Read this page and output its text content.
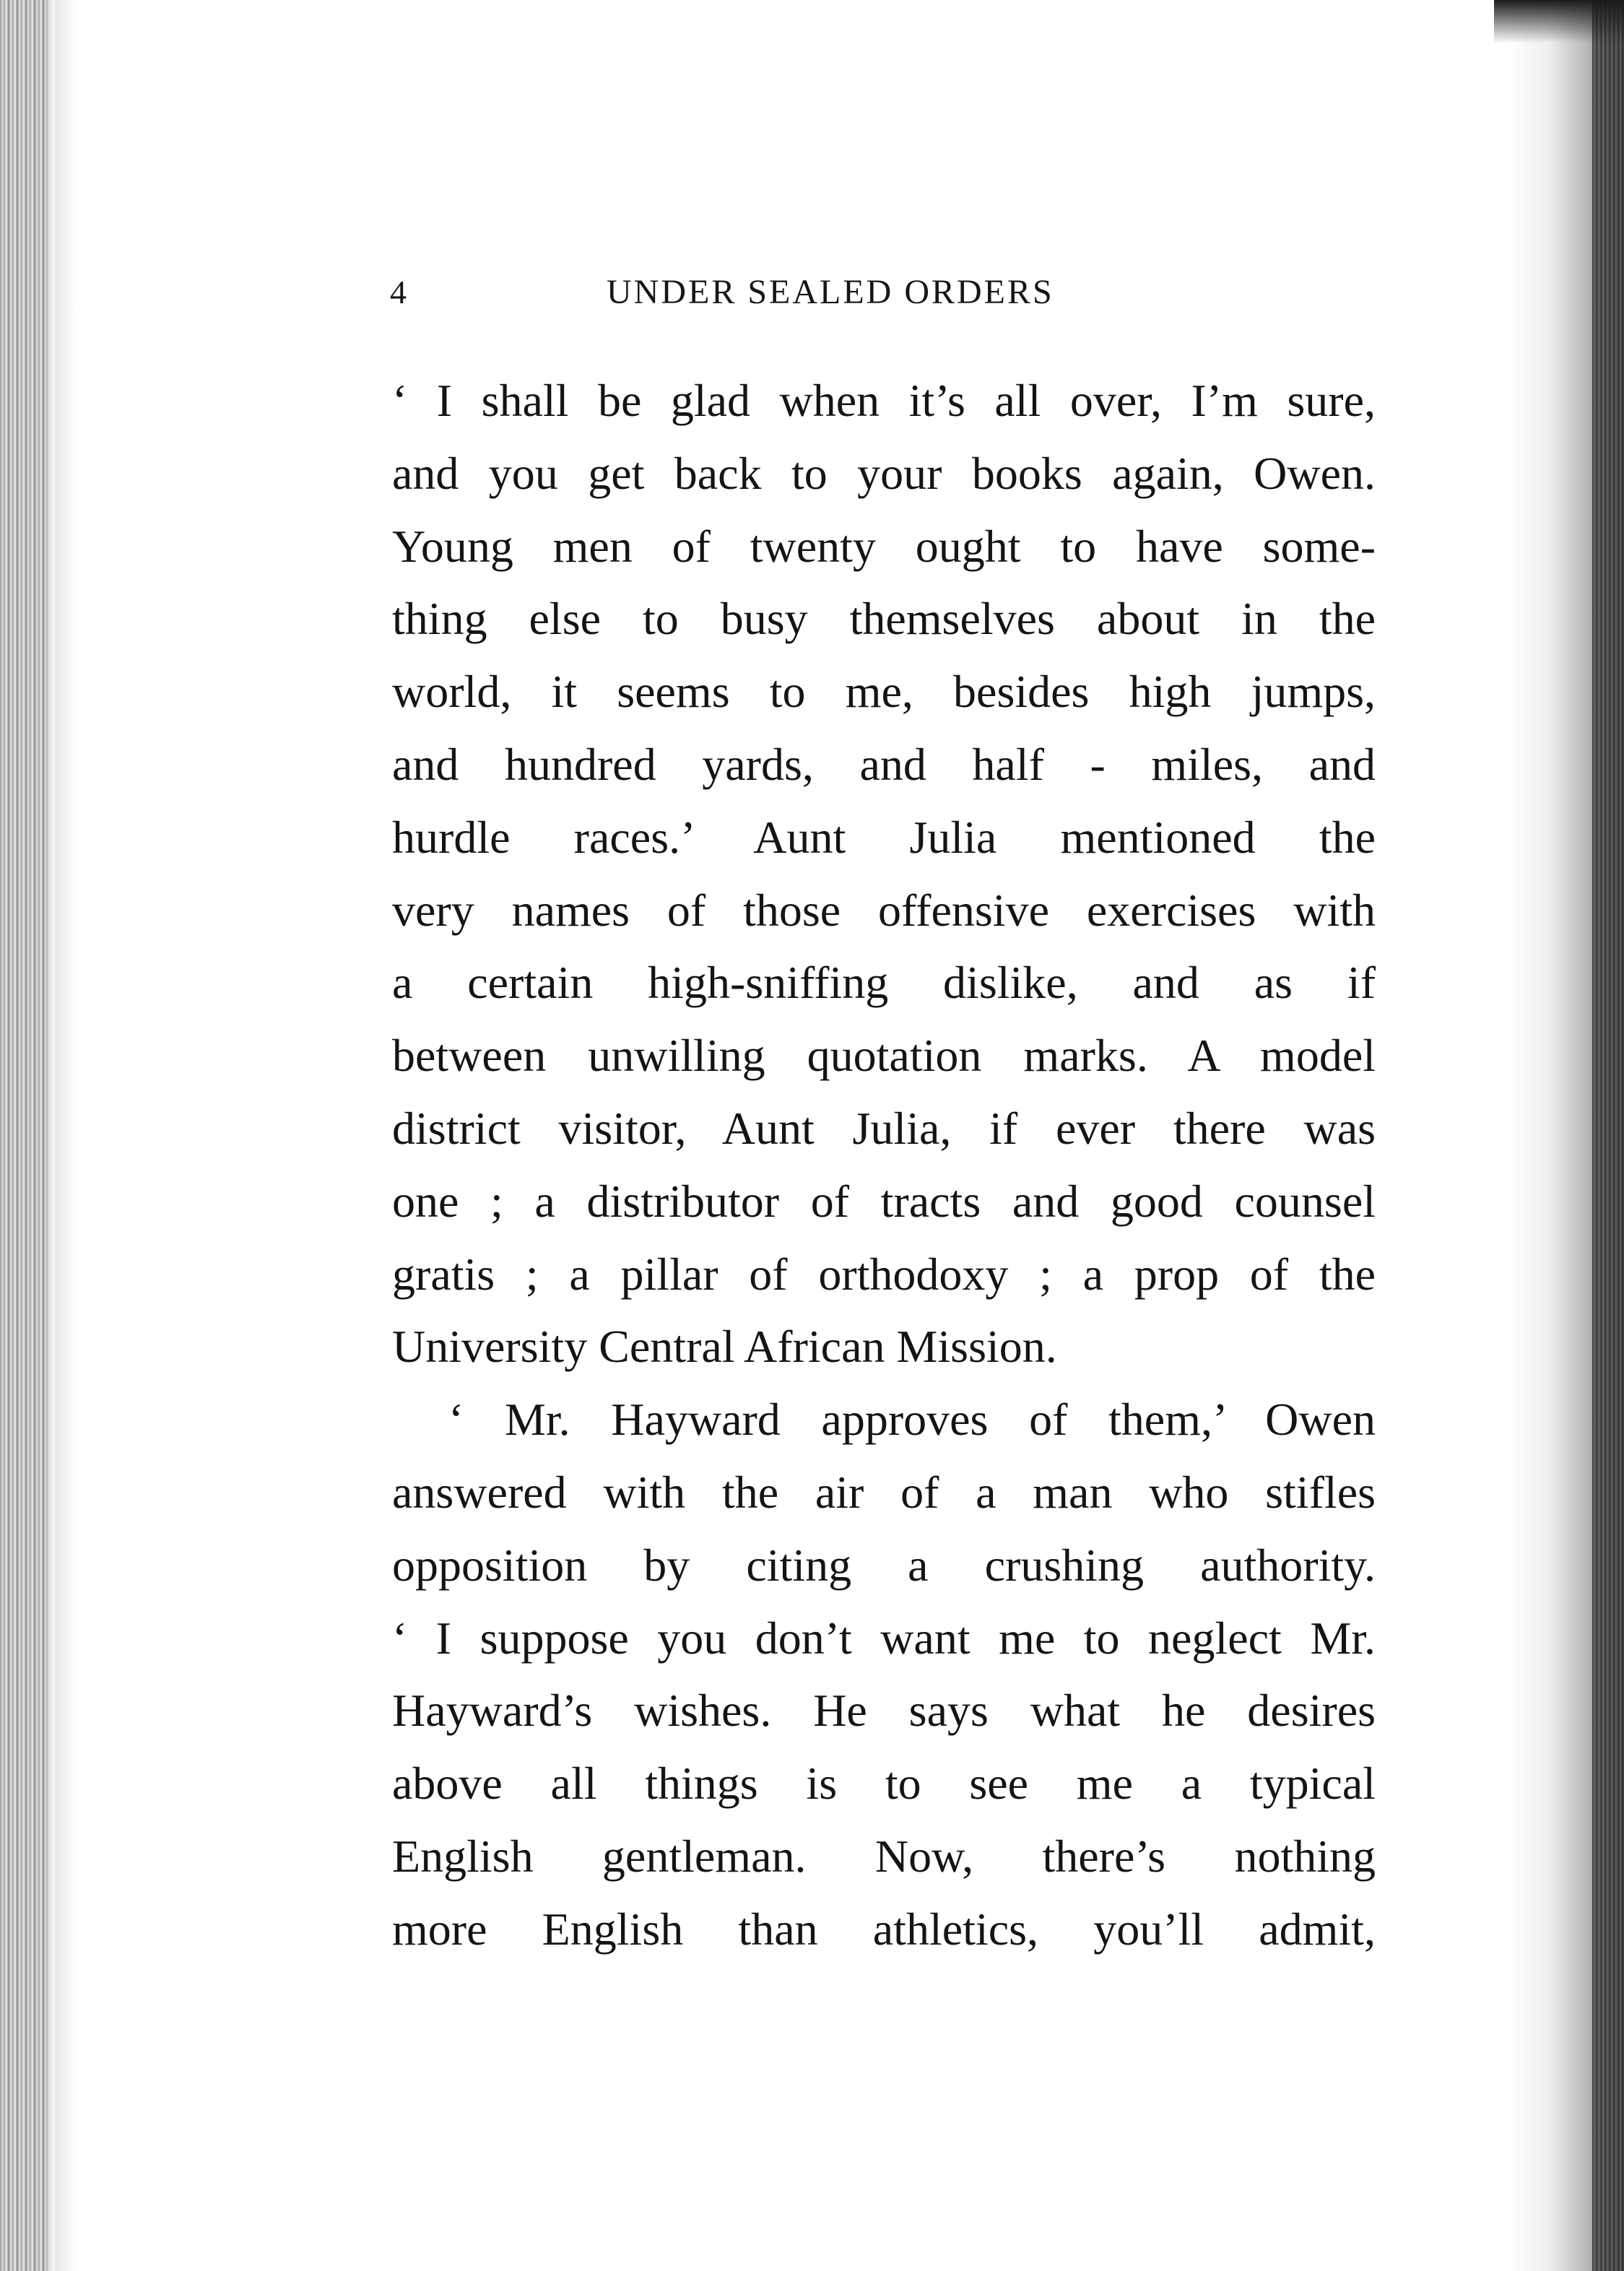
4	UNDER SEALED ORDERS
‘ I shall be glad when it’s all over, I’m sure,
and you get back to your books again, Owen.
Young men of twenty ought to have some-
thing else to busy themselves about in the
world, it seems to me, besides high jumps,
and hundred yards, and half - miles, and
hurdle races.’ Aunt Julia mentioned the
very names of those offensive exercises with
a certain high-sniffing dislike, and as if
between unwilling quotation marks. A model
district visitor, Aunt Julia, if ever there was
one ; a distributor of tracts and good counsel
gratis ; a pillar of orthodoxy ; a prop of the
University Central African Mission.
‘ Mr. Hayward approves of them,’ Owen
answered with the air of a man who stifles
opposition by citing a crushing authority.
‘ I suppose you don’t want me to neglect Mr.
Hayward’s wishes. He says what he desires
above all things is to see me a typical
English gentleman. Now, there’s nothing
more English than athletics, you’ll admit,
